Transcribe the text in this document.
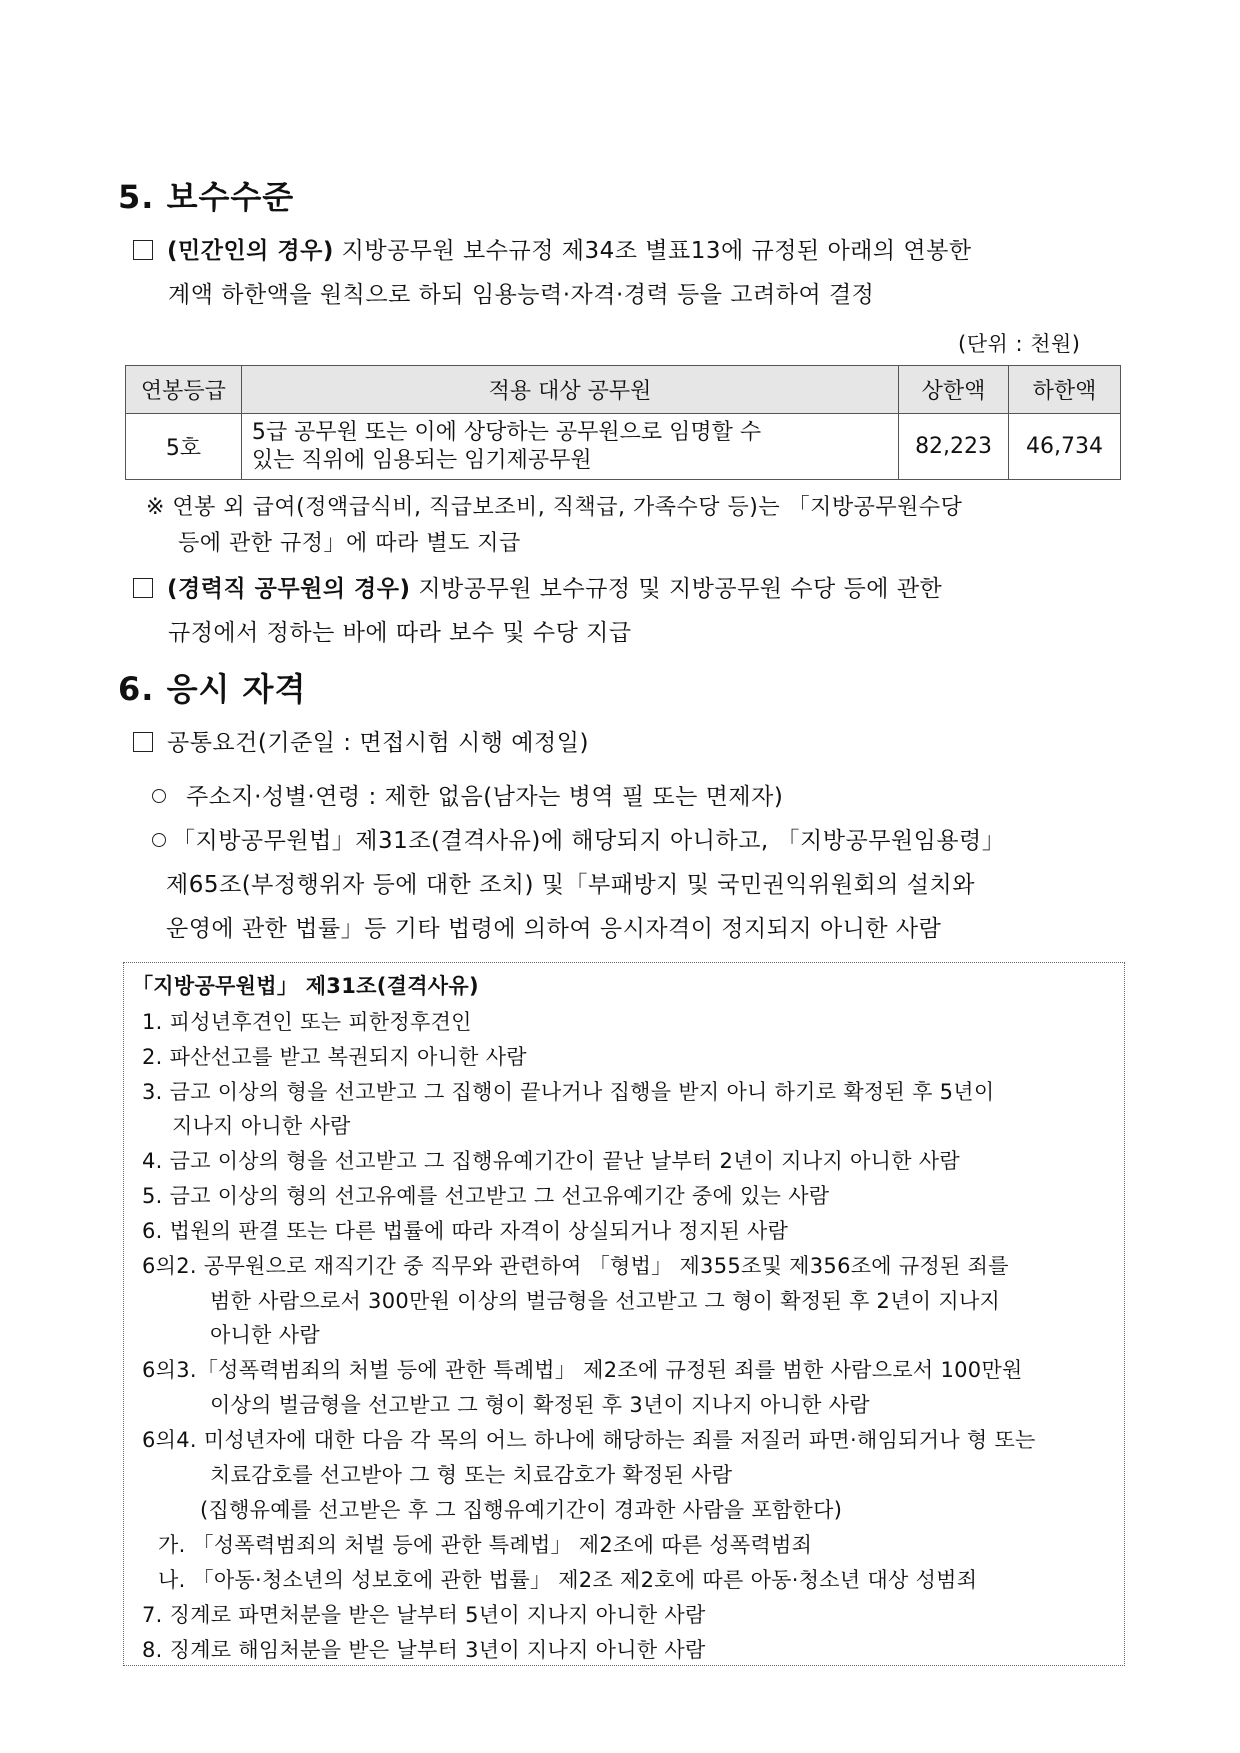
5. 보수수준
(민간인의 경우) 지방공무원 보수규정 제34조 별표13에 규정된 아래의 연봉한
계액 하한액을 원칙으로 하되 임용능력·자격·경력 등을 고려하여 결정
(단위 : 천원)
연봉등급	적용 대상 공무원	상한액	하한액
5호	5급 공무원 또는 이에 상당하는 공무원으로 임명할 수
있는 직위에 임용되는 임기제공무원	82,223	46,734
※ 연봉 외 급여(정액급식비, 직급보조비, 직책급, 가족수당 등)는 「지방공무원수당
등에 관한 규정」에 따라 별도 지급
(경력직 공무원의 경우) 지방공무원 보수규정 및 지방공무원 수당 등에 관한
규정에서 정하는 바에 따라 보수 및 수당 지급
6. 응시 자격
공통요건(기준일 : 면접시험 시행 예정일)
주소지·성별·연령 : 제한 없음(남자는 병역 필 또는 면제자)
「지방공무원법」제31조(결격사유)에 해당되지 아니하고, 「지방공무원임용령」
제65조(부정행위자 등에 대한 조치) 및「부패방지 및 국민권익위원회의 설치와
운영에 관한 법률」등 기타 법령에 의하여 응시자격이 정지되지 아니한 사람
「지방공무원법」 제31조(결격사유)
1. 피성년후견인 또는 피한정후견인
2. 파산선고를 받고 복권되지 아니한 사람
3. 금고 이상의 형을 선고받고 그 집행이 끝나거나 집행을 받지 아니 하기로 확정된 후 5년이
지나지 아니한 사람
4. 금고 이상의 형을 선고받고 그 집행유예기간이 끝난 날부터 2년이 지나지 아니한 사람
5. 금고 이상의 형의 선고유예를 선고받고 그 선고유예기간 중에 있는 사람
6. 법원의 판결 또는 다른 법률에 따라 자격이 상실되거나 정지된 사람
6의2. 공무원으로 재직기간 중 직무와 관련하여 「형법」 제355조및 제356조에 규정된 죄를
범한 사람으로서 300만원 이상의 벌금형을 선고받고 그 형이 확정된 후 2년이 지나지
아니한 사람
6의3.「성폭력범죄의 처벌 등에 관한 특례법」 제2조에 규정된 죄를 범한 사람으로서 100만원
이상의 벌금형을 선고받고 그 형이 확정된 후 3년이 지나지 아니한 사람
6의4. 미성년자에 대한 다음 각 목의 어느 하나에 해당하는 죄를 저질러 파면·해임되거나 형 또는
치료감호를 선고받아 그 형 또는 치료감호가 확정된 사람
(집행유예를 선고받은 후 그 집행유예기간이 경과한 사람을 포함한다)
가. 「성폭력범죄의 처벌 등에 관한 특례법」 제2조에 따른 성폭력범죄
나. 「아동·청소년의 성보호에 관한 법률」 제2조 제2호에 따른 아동·청소년 대상 성범죄
7. 징계로 파면처분을 받은 날부터 5년이 지나지 아니한 사람
8. 징계로 해임처분을 받은 날부터 3년이 지나지 아니한 사람
